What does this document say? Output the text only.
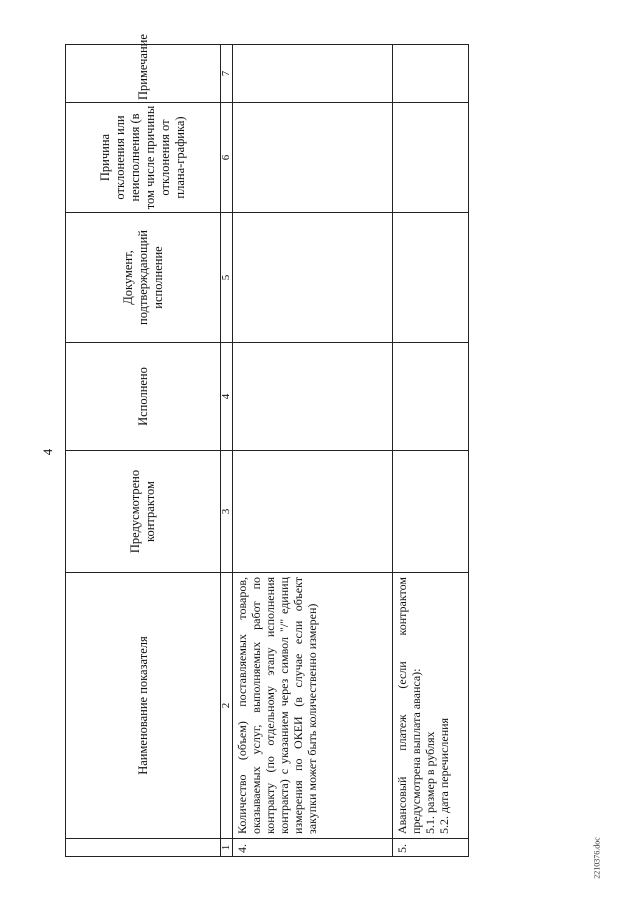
4
2210376.doc
	Наименование показателя	Предусмотрено контрактом	Исполнено	Документ, подтверждающий исполнение	Причина отклонения или неисполнения (в том числе причины отклонения от плана-графика)	Примечание
1	2	3	4	5	6	7
4.	Количество (объем) поставляемых товаров, оказываемых услуг, выполняемых работ по контракту (по отдельному этапу исполнения контракта) с указанием через символ "/" единиц измерения по ОКЕИ (в случае если объект закупки может быть количественно измерен)					
5.	Авансовый платеж (если контрактом предусмотрена выплата аванса): 5.1. размер в рублях 5.2. дата перечисления					
